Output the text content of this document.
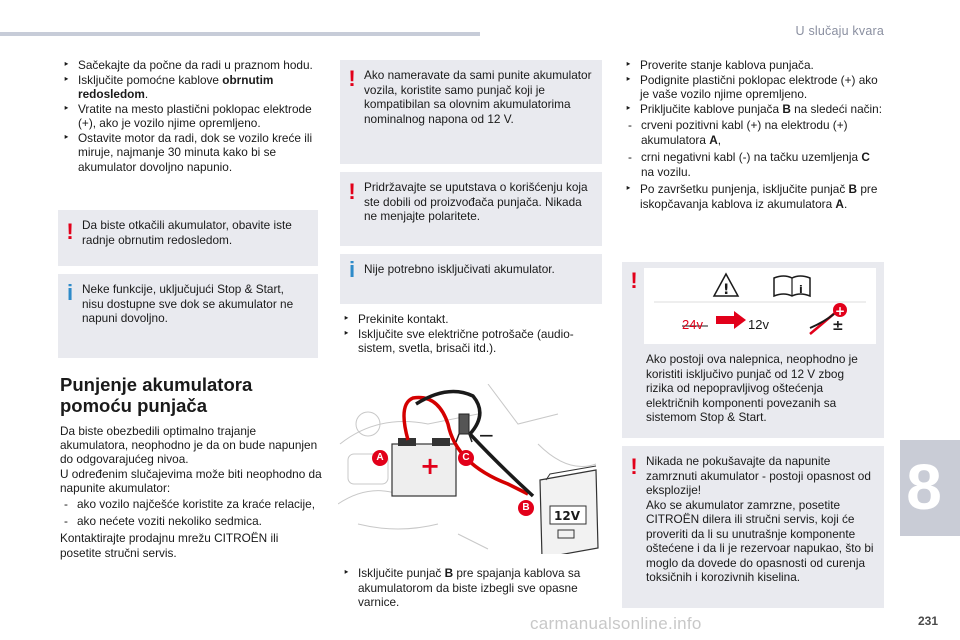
U slučaju kvara
‣ Sačekajte da počne da radi u praznom hodu.
‣ Isključite pomoćne kablove obrnutim redosledom.
‣ Vratite na mesto plastični poklopac elektrode (+), ako je vozilo njime opremljeno.
‣ Ostavite motor da radi, dok se vozilo kreće ili miruje, najmanje 30 minuta kako bi se akumulator dovoljno napunio.
! Da biste otkačili akumulator, obavite iste radnje obrnutim redosledom.
i Neke funkcije, uključujući Stop & Start, nisu dostupne sve dok se akumulator ne napuni dovoljno.
Punjenje akumulatora
pomoću punjača
Da biste obezbedili optimalno trajanje akumulatora, neophodno je da on bude napunjen do odgovarajućeg nivoa.
U određenim slučajevima može biti neophodno da napunite akumulator:
- ako vozilo najčešće koristite za kraće relacije,
- ako nećete voziti nekoliko sedmica.
Kontaktirajte prodajnu mrežu CITROËN ili posetite stručni servis.
! Ako nameravate da sami punite akumulator vozila, koristite samo punjač koji je kompatibilan sa olovnim akumulatorima nominalnog napona od 12 V.
! Pridržavajte se uputstava o korišćenju koja ste dobili od proizvođača punjača. Nikada ne menjajte polaritete.
i Nije potrebno isključivati akumulator.
‣ Prekinite kontakt.
‣ Isključite sve električne potrošače (audio-sistem, svetla, brisači itd.).
+
−
12V
A	C
B
‣ Isključite punjač B pre spajanja kablova sa akumulatorom da biste izbegli sve opasne varnice.
‣ Proverite stanje kablova punjača.
‣ Podignite plastični poklopac elektrode (+) ako je vaše vozilo njime opremljeno.
‣ Priključite kablove punjača B na sledeći način:
- crveni pozitivni kabl (+) na elektrodu (+) akumulatora A,
- crni negativni kabl (-) na tačku uzemljenja C na vozilu.
‣ Po završetku punjenja, isključite punjač B pre iskopčavanja kablova iz akumulatora A.
!	!	i
+
±
24v	12v
Ako postoji ova nalepnica, neophodno je koristiti isključivo punjač od 12 V zbog rizika od nepopravljivog oštećenja električnih komponenti povezanih sa sistemom Stop & Start.
! Nikada ne pokušavajte da napunite zamrznuti akumulator - postoji opasnost od eksplozije!
Ako se akumulator zamrzne, posetite CITROËN dilera ili stručni servis, koji će proveriti da li su unutrašnje komponente oštećene i da li je rezervoar napukao, što bi moglo da dovede do opasnosti od curenja toksičnih i korozivnih kiselina.
8
carmanualsonline.info	231
